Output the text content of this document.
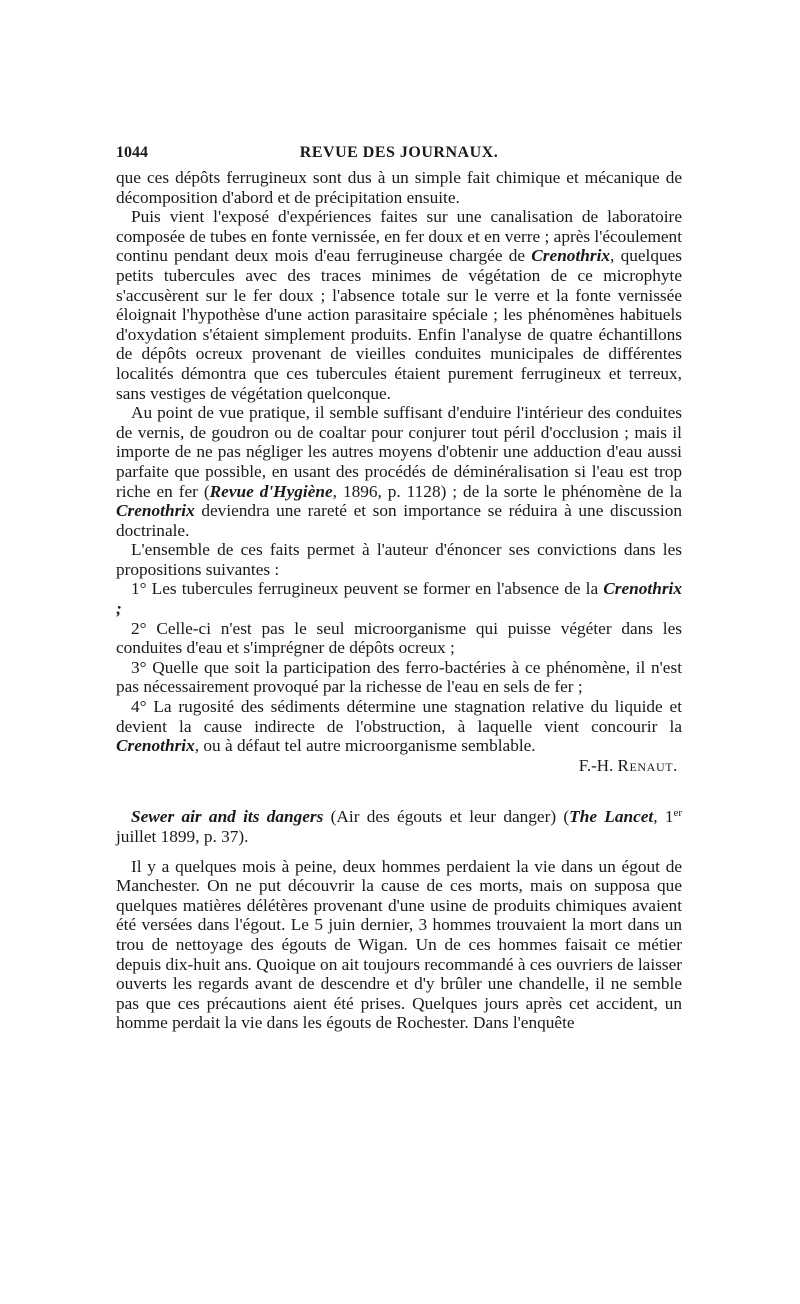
1044	REVUE DES JOURNAUX.

que ces dépôts ferrugineux sont dus à un simple fait chimique et mécanique de décomposition d'abord et de précipitation ensuite.

Puis vient l'exposé d'expériences faites sur une canalisation de laboratoire composée de tubes en fonte vernissée, en fer doux et en verre ; après l'écoulement continu pendant deux mois d'eau ferrugineuse chargée de Crenothrix, quelques petits tubercules avec des traces minimes de végétation de ce microphyte s'accusèrent sur le fer doux ; l'absence totale sur le verre et la fonte vernissée éloignait l'hypothèse d'une action parasitaire spéciale ; les phénomènes habituels d'oxydation s'étaient simplement produits. Enfin l'analyse de quatre échantillons de dépôts ocreux provenant de vieilles conduites municipales de différentes localités démontra que ces tubercules étaient purement ferrugineux et terreux, sans vestiges de végétation quelconque.

Au point de vue pratique, il semble suffisant d'enduire l'intérieur des conduites de vernis, de goudron ou de coaltar pour conjurer tout péril d'occlusion ; mais il importe de ne pas négliger les autres moyens d'obtenir une adduction d'eau aussi parfaite que possible, en usant des procédés de déminéralisation si l'eau est trop riche en fer (Revue d'Hygiène, 1896, p. 1128) ; de la sorte le phénomène de la Crenothrix deviendra une rareté et son importance se réduira à une discussion doctrinale.

L'ensemble de ces faits permet à l'auteur d'énoncer ses convictions dans les propositions suivantes :

1° Les tubercules ferrugineux peuvent se former en l'absence de la Crenothrix ;

2° Celle-ci n'est pas le seul microorganisme qui puisse végéter dans les conduites d'eau et s'imprégner de dépôts ocreux ;

3° Quelle que soit la participation des ferro-bactéries à ce phénomène, il n'est pas nécessairement provoqué par la richesse de l'eau en sels de fer ;

4° La rugosité des sédiments détermine une stagnation relative du liquide et devient la cause indirecte de l'obstruction, à laquelle vient concourir la Crenothrix, ou à défaut tel autre microorganisme semblable.

F.-H. Renaut.

Sewer air and its dangers (Air des égouts et leur danger) (The Lancet, 1er juillet 1899, p. 37).

Il y a quelques mois à peine, deux hommes perdaient la vie dans un égout de Manchester. On ne put découvrir la cause de ces morts, mais on supposa que quelques matières délétères provenant d'une usine de produits chimiques avaient été versées dans l'égout. Le 5 juin dernier, 3 hommes trouvaient la mort dans un trou de nettoyage des égouts de Wigan. Un de ces hommes faisait ce métier depuis dix-huit ans. Quoique on ait toujours recommandé à ces ouvriers de laisser ouverts les regards avant de descendre et d'y brûler une chandelle, il ne semble pas que ces précautions aient été prises. Quelques jours après cet accident, un homme perdait la vie dans les égouts de Rochester. Dans l'enquête
